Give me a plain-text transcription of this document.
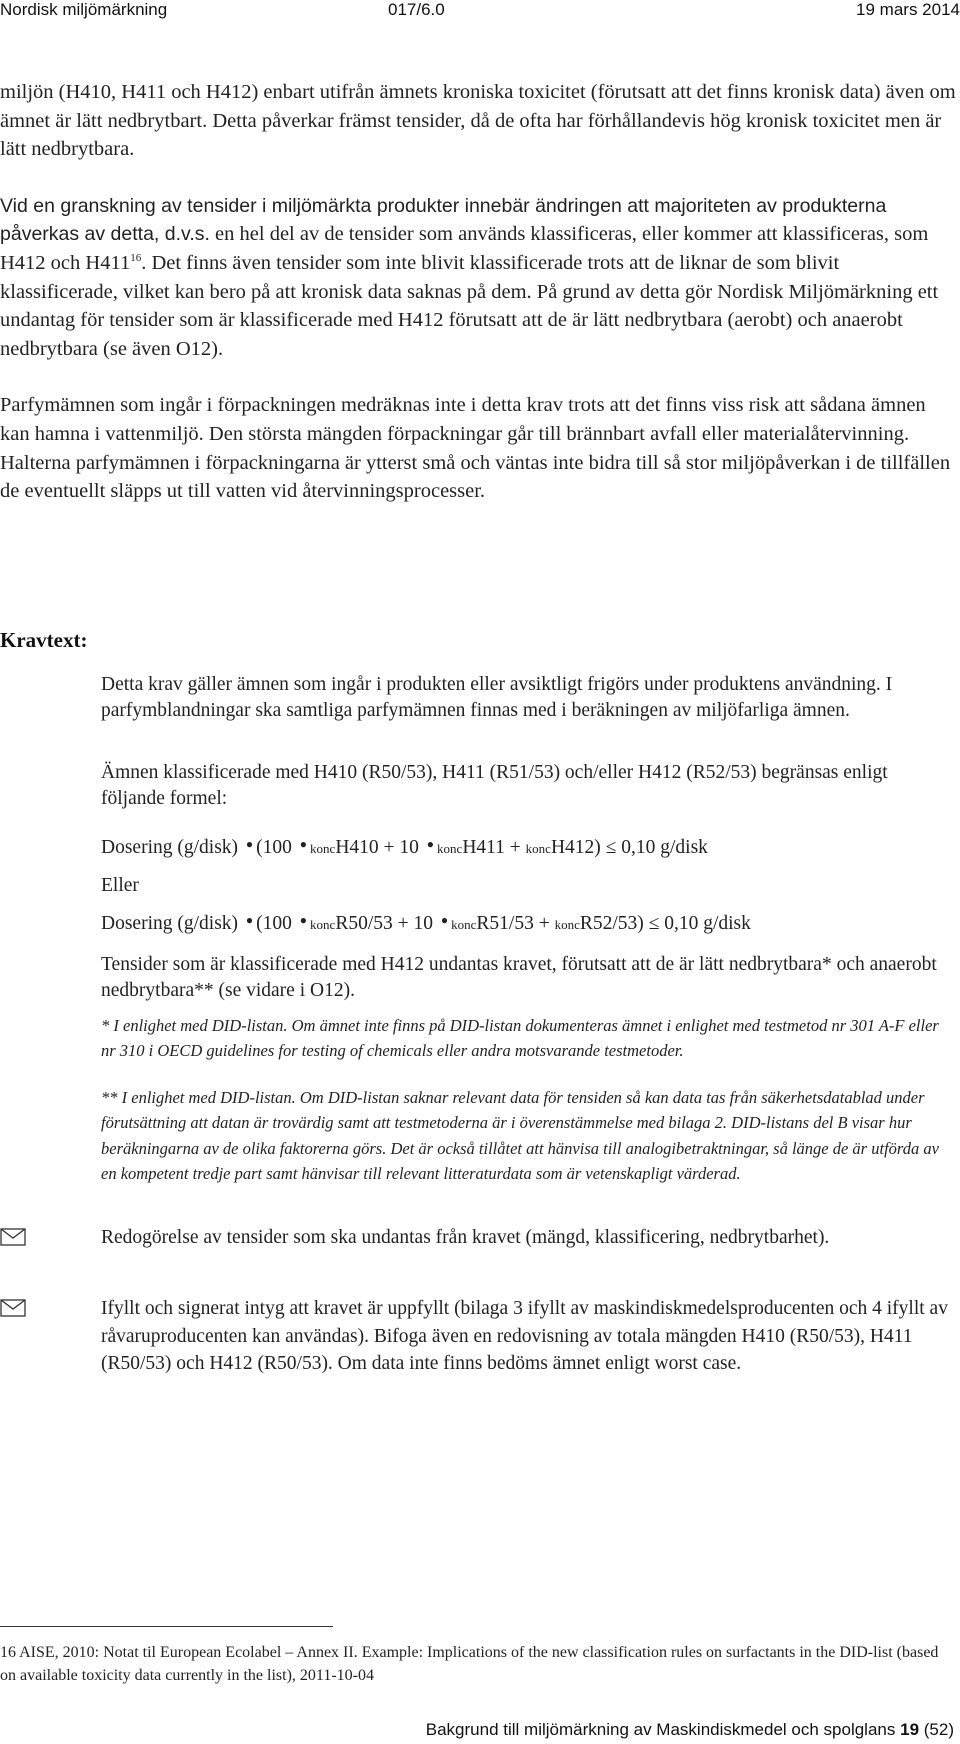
Nordisk miljömärkning	017/6.0	19 mars 2014

miljön (H410, H411 och H412) enbart utifrån ämnets kroniska toxicitet (förutsatt att det finns kronisk data) även om ämnet är lätt nedbrytbart. Detta påverkar främst tensider, då de ofta har förhållandevis hög kronisk toxicitet men är lätt nedbrytbara.

Vid en granskning av tensider i miljömärkta produkter innebär ändringen att majoriteten av produkterna påverkas av detta, d.v.s. en hel del av de tensider som används klassificeras, eller kommer att klassificeras, som H412 och $H411^{16}$. Det finns även tensider som inte blivit klassificerade trots att de liknar de som blivit klassificerade, vilket kan bero på att kronisk data saknas på dem. På grund av detta gör Nordisk Miljömärkning ett undantag för tensider som är klassificerade med H412 förutsatt att de är lätt nedbrytbara (aerobt) och anaerobt nedbrytbara (se även O12).

Parfymämnen som ingår i förpackningen medräknas inte i detta krav trots att det finns viss risk att sådana ämnen kan hamna i vattenmiljö. Den största mängden förpackningar går till brännbart avfall eller materialåtervinning. Halterna parfymämnen i förpackningarna är ytterst små och väntas inte bidra till så stor miljöpåverkan i de tillfällen de eventuellt släpps ut till vatten vid återvinningsprocesser.

Kravtext:

Detta krav gäller ämnen som ingår i produkten eller avsiktligt frigörs under produktens användning. I parfymblandningar ska samtliga parfymämnen finnas med i beräkningen av miljöfarliga ämnen.

Ämnen klassificerade med H410 (R50/53), H411 (R51/53) och/eller H412 (R52/53) begränsas enligt följande formel:

Dosering (g/disk) ● (100 ● koncH410 + 10 ● koncH411 + koncH412) ≤ 0,10 g/disk
Eller
Dosering (g/disk) ● (100 ● koncR50/53 + 10 ● koncR51/53 + koncR52/53) ≤ 0,10 g/disk

Tensider som är klassificerade med H412 undantas kravet, förutsatt att de är lätt nedbrytbara* och anaerobt nedbrytbara** (se vidare i O12).

* I enlighet med DID-listan. Om ämnet inte finns på DID-listan dokumenteras ämnet i enlighet med testmetod nr 301 A-F eller nr 310 i OECD guidelines for testing of chemicals eller andra motsvarande testmetoder.

** I enlighet med DID-listan. Om DID-listan saknar relevant data för tensiden så kan data tas från säkerhetsdatablad under förutsättning att datan är trovärdig samt att testmetoderna är i överenstämmelse med bilaga 2. DID-listans del B visar hur beräkningarna av de olika faktorerna görs. Det är också tillåtet att hänvisa till analogibetraktningar, så länge de är utförda av en kompetent tredje part samt hänvisar till relevant litteraturdata som är vetenskapligt värderad.

Redogörelse av tensider som ska undantas från kravet (mängd, klassificering, nedbrytbarhet).

Ifyllt och signerat intyg att kravet är uppfyllt (bilaga 3 ifyllt av maskindiskmedelsproducenten och 4 ifyllt av råvaruproducenten kan användas). Bifoga även en redovisning av totala mängden H410 (R50/53), H411 (R50/53) och H412 (R50/53). Om data inte finns bedöms ämnet enligt worst case.

16 AISE, 2010: Notat til European Ecolabel – Annex II. Example: Implications of the new classification rules on surfactants in the DID-list (based on available toxicity data currently in the list), 2011-10-04

Bakgrund till miljömärkning av Maskindiskmedel och spolglans 19 (52)
